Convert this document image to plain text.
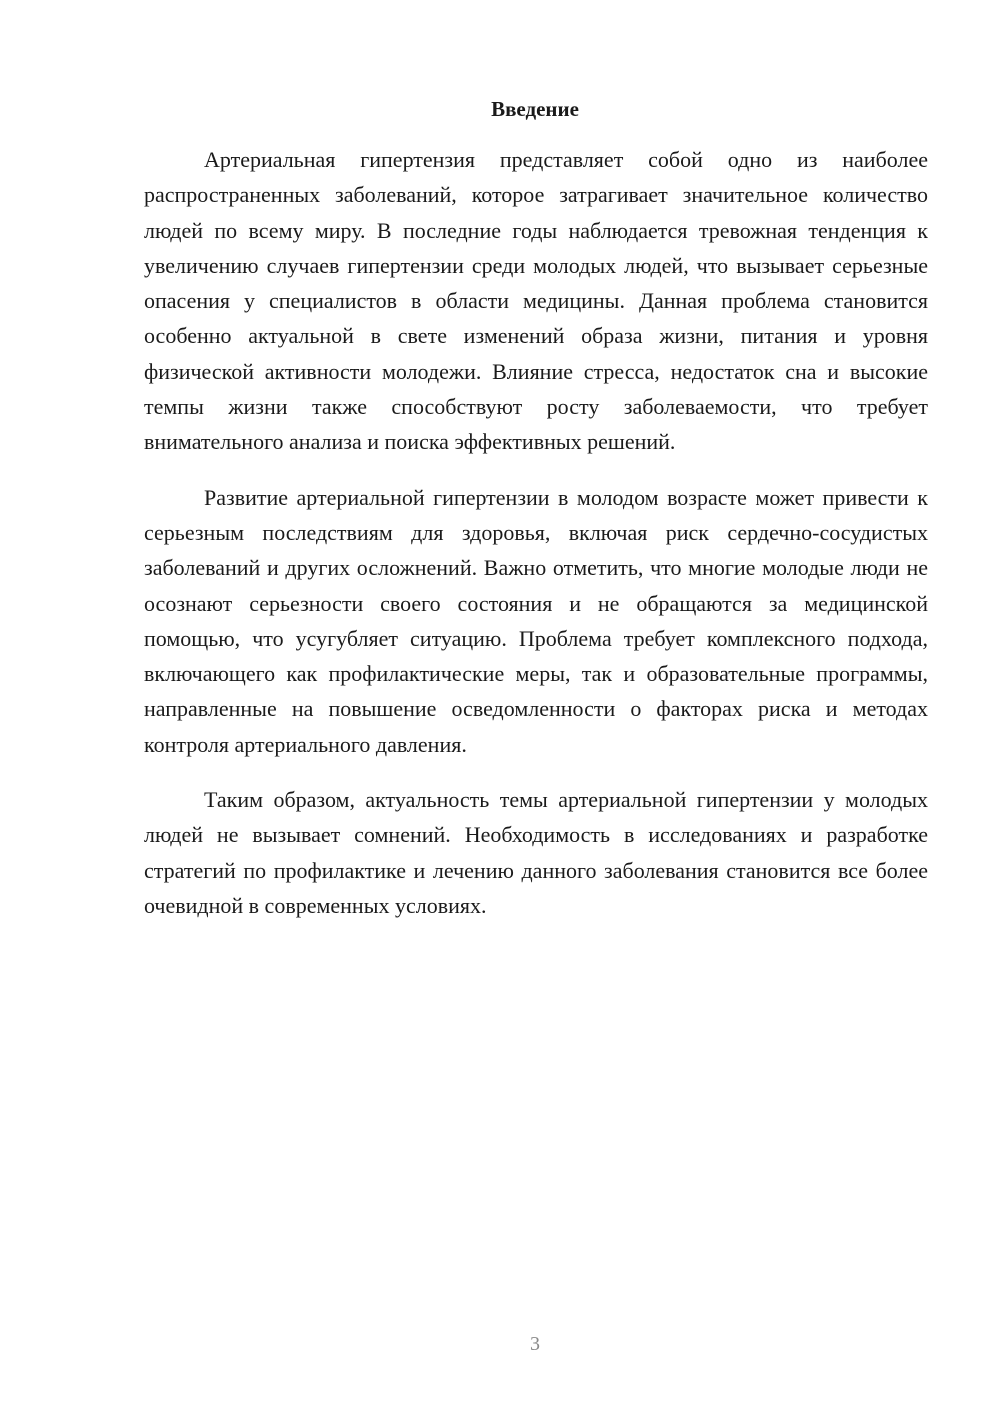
Введение

Артериальная гипертензия представляет собой одно из наиболее распространенных заболеваний, которое затрагивает значительное количество людей по всему миру. В последние годы наблюдается тревожная тенденция к увеличению случаев гипертензии среди молодых людей, что вызывает серьезные опасения у специалистов в области медицины. Данная проблема становится особенно актуальной в свете изменений образа жизни, питания и уровня физической активности молодежи. Влияние стресса, недостаток сна и высокие темпы жизни также способствуют росту заболеваемости, что требует внимательного анализа и поиска эффективных решений.

Развитие артериальной гипертензии в молодом возрасте может привести к серьезным последствиям для здоровья, включая риск сердечно-сосудистых заболеваний и других осложнений. Важно отметить, что многие молодые люди не осознают серьезности своего состояния и не обращаются за медицинской помощью, что усугубляет ситуацию. Проблема требует комплексного подхода, включающего как профилактические меры, так и образовательные программы, направленные на повышение осведомленности о факторах риска и методах контроля артериального давления.

Таким образом, актуальность темы артериальной гипертензии у молодых людей не вызывает сомнений. Необходимость в исследованиях и разработке стратегий по профилактике и лечению данного заболевания становится все более очевидной в современных условиях.

3
